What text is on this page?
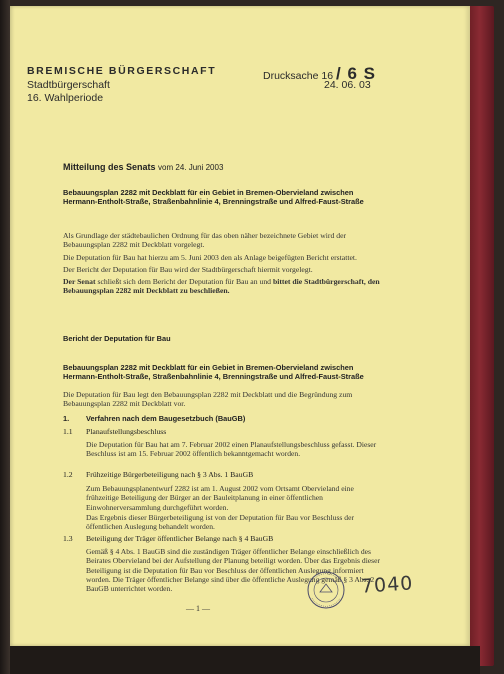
BREMISCHE BÜRGERSCHAFT
Stadtbürgerschaft
16. Wahlperiode
Drucksache 16 / 6 S
24. 06. 03
Mitteilung des Senats vom 24. Juni 2003
Bebauungsplan 2282 mit Deckblatt für ein Gebiet in Bremen-Obervieland zwischen Hermann-Entholt-Straße, Straßenbahnlinie 4, Brenningstraße und Alfred-Faust-Straße

Als Grundlage der städtebaulichen Ordnung für das oben näher bezeichnete Gebiet wird der Bebauungsplan 2282 mit Deckblatt vorgelegt.

Die Deputation für Bau hat hierzu am 5. Juni 2003 den als Anlage beigefügten Bericht erstattet.

Der Bericht der Deputation für Bau wird der Stadtbürgerschaft hiermit vorgelegt.

Der Senat schließt sich dem Bericht der Deputation für Bau an und bittet die Stadtbürgerschaft, den Bebauungsplan 2282 mit Deckblatt zu beschließen.

Bericht der Deputation für Bau
Bebauungsplan 2282 mit Deckblatt für ein Gebiet in Bremen-Obervieland zwischen Hermann-Entholt-Straße, Straßenbahnlinie 4, Brenningstraße und Alfred-Faust-Straße
Die Deputation für Bau legt den Bebauungsplan 2282 mit Deckblatt und die Begründung zum Bebauungsplan 2282 mit Deckblatt vor.
1. Verfahren nach dem Baugesetzbuch (BauGB)
1.1 Planaufstellungsbeschluss
Die Deputation für Bau hat am 7. Februar 2002 einen Planaufstellungsbeschluss gefasst. Dieser Beschluss ist am 15. Februar 2002 öffentlich bekanntgemacht worden.
1.2 Frühzeitige Bürgerbeteiligung nach § 3 Abs. 1 BauGB
Zum Bebauungsplanentwurf 2282 ist am 1. August 2002 vom Ortsamt Obervieland eine frühzeitige Beteiligung der Bürger an der Bauleitplanung in einer öffentlichen Einwohnerversammlung durchgeführt worden.
Das Ergebnis dieser Bürgerbeteiligung ist von der Deputation für Bau vor Beschluss der öffentlichen Auslegung behandelt worden.
1.3 Beteiligung der Träger öffentlicher Belange nach § 4 BauGB
Gemäß § 4 Abs. 1 BauGB sind die zuständigen Träger öffentlicher Belange einschließlich des Beirates Obervieland bei der Aufstellung der Planung beteiligt worden. Über das Ergebnis dieser Beteiligung ist die Deputation für Bau vor Beschluss der öffentlichen Auslegung informiert worden. Die Träger öffentlicher Belange sind über die öffentliche Auslegung gemäß § 3 Abs. 2 BauGB unterrichtet worden.
— 1 —
7040
